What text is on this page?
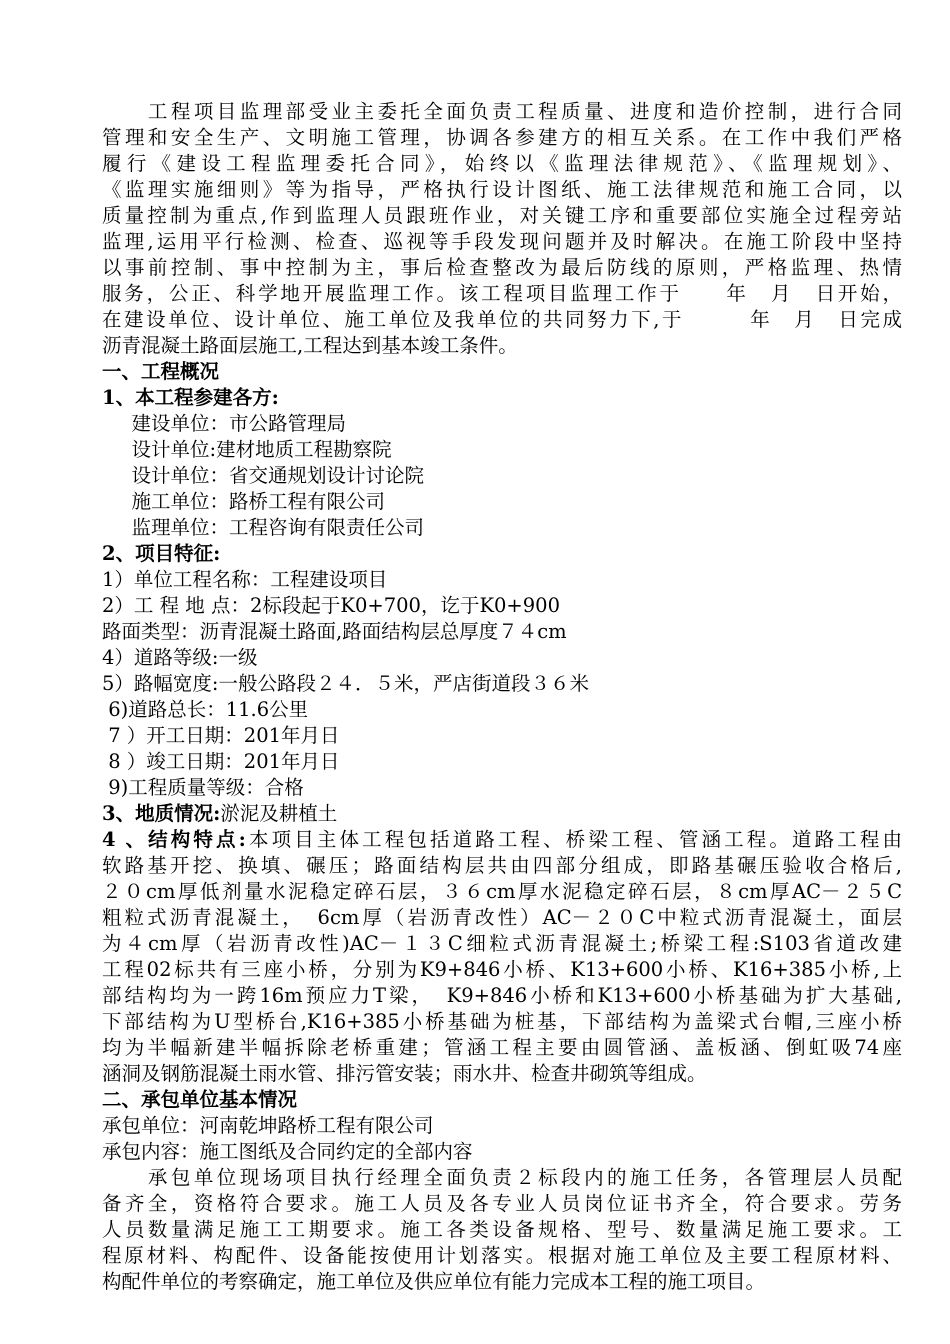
　　工程项目监理部受业主委托全面负责工程质量、进度和造价控制，进行合同
管理和安全生产、文明施工管理，协调各参建方的相互关系。在工作中我们严格
履行《建设工程监理委托合同》，始终以《监理法律规范》、《监理规划》、
《监理实施细则》等为指导，严格执行设计图纸、施工法律规范和施工合同，以
质量控制为重点,作到监理人员跟班作业，对关键工序和重要部位实施全过程旁站
监理,运用平行检测、检查、巡视等手段发现问题并及时解决。在施工阶段中坚持
以事前控制、事中控制为主，事后检查整改为最后防线的原则，严格监理、热情
服务，公正、科学地开展监理工作。该工程项目监理工作于　　年　月　日开始，
在建设单位、设计单位、施工单位及我单位的共同努力下,于　　　年　月　日完成
沥青混凝土路面层施工,工程达到基本竣工条件。
一、工程概况
1、本工程参建各方:
　建设单位：市公路管理局
　设计单位:建材地质工程勘察院
　设计单位：省交通规划设计讨论院
　施工单位：路桥工程有限公司
　监理单位：工程咨询有限责任公司
2、项目特征:
1）单位工程名称：工程建设项目
2）工 程 地 点：2标段起于K0+700，讫于K0+900
路面类型：沥青混凝土路面,路面结构层总厚度７４cm
4）道路等级:一级
5）路幅宽度:一般公路段２４．５米，严店街道段３６米
6)道路总长：11.6公里
7 ）开工日期：201年月日
8 ）竣工日期：201年月日
9)工程质量等级：合格
3、地质情况:淤泥及耕植土
4 、结构特点:本项目主体工程包括道路工程、桥梁工程、管涵工程。道路工程由
软路基开挖、换填、碾压；路面结构层共由四部分组成，即路基碾压验收合格后,
２０cm厚低剂量水泥稳定碎石层，３６cm厚水泥稳定碎石层，８cm厚AC－２５C
粗粒式沥青混凝土，　6cm厚（岩沥青改性）AC－２０C中粒式沥青混凝土，面层
为４cm厚（岩沥青改性)AC－１３C细粒式沥青混凝土;桥梁工程:S103省道改建
工程02标共有三座小桥，分别为K9+846小桥、K13+600小桥、K16+385小桥,上
部结构均为一跨16m预应力T梁，　K9+846小桥和K13+600小桥基础为扩大基础,
下部结构为U型桥台,K16+385小桥基础为桩基，下部结构为盖梁式台帽,三座小桥
均为半幅新建半幅拆除老桥重建；管涵工程主要由圆管涵、盖板涵、倒虹吸74座
涵洞及钢筋混凝土雨水管、排污管安装；雨水井、检查井砌筑等组成。
二、承包单位基本情况
承包单位：河南乾坤路桥工程有限公司
承包内容：施工图纸及合同约定的全部内容
　　承包单位现场项目执行经理全面负责２标段内的施工任务，各管理层人员配
备齐全，资格符合要求。施工人员及各专业人员岗位证书齐全，符合要求。劳务
人员数量满足施工工期要求。施工各类设备规格、型号、数量满足施工要求。工
程原材料、构配件、设备能按使用计划落实。根据对施工单位及主要工程原材料、
构配件单位的考察确定，施工单位及供应单位有能力完成本工程的施工项目。
